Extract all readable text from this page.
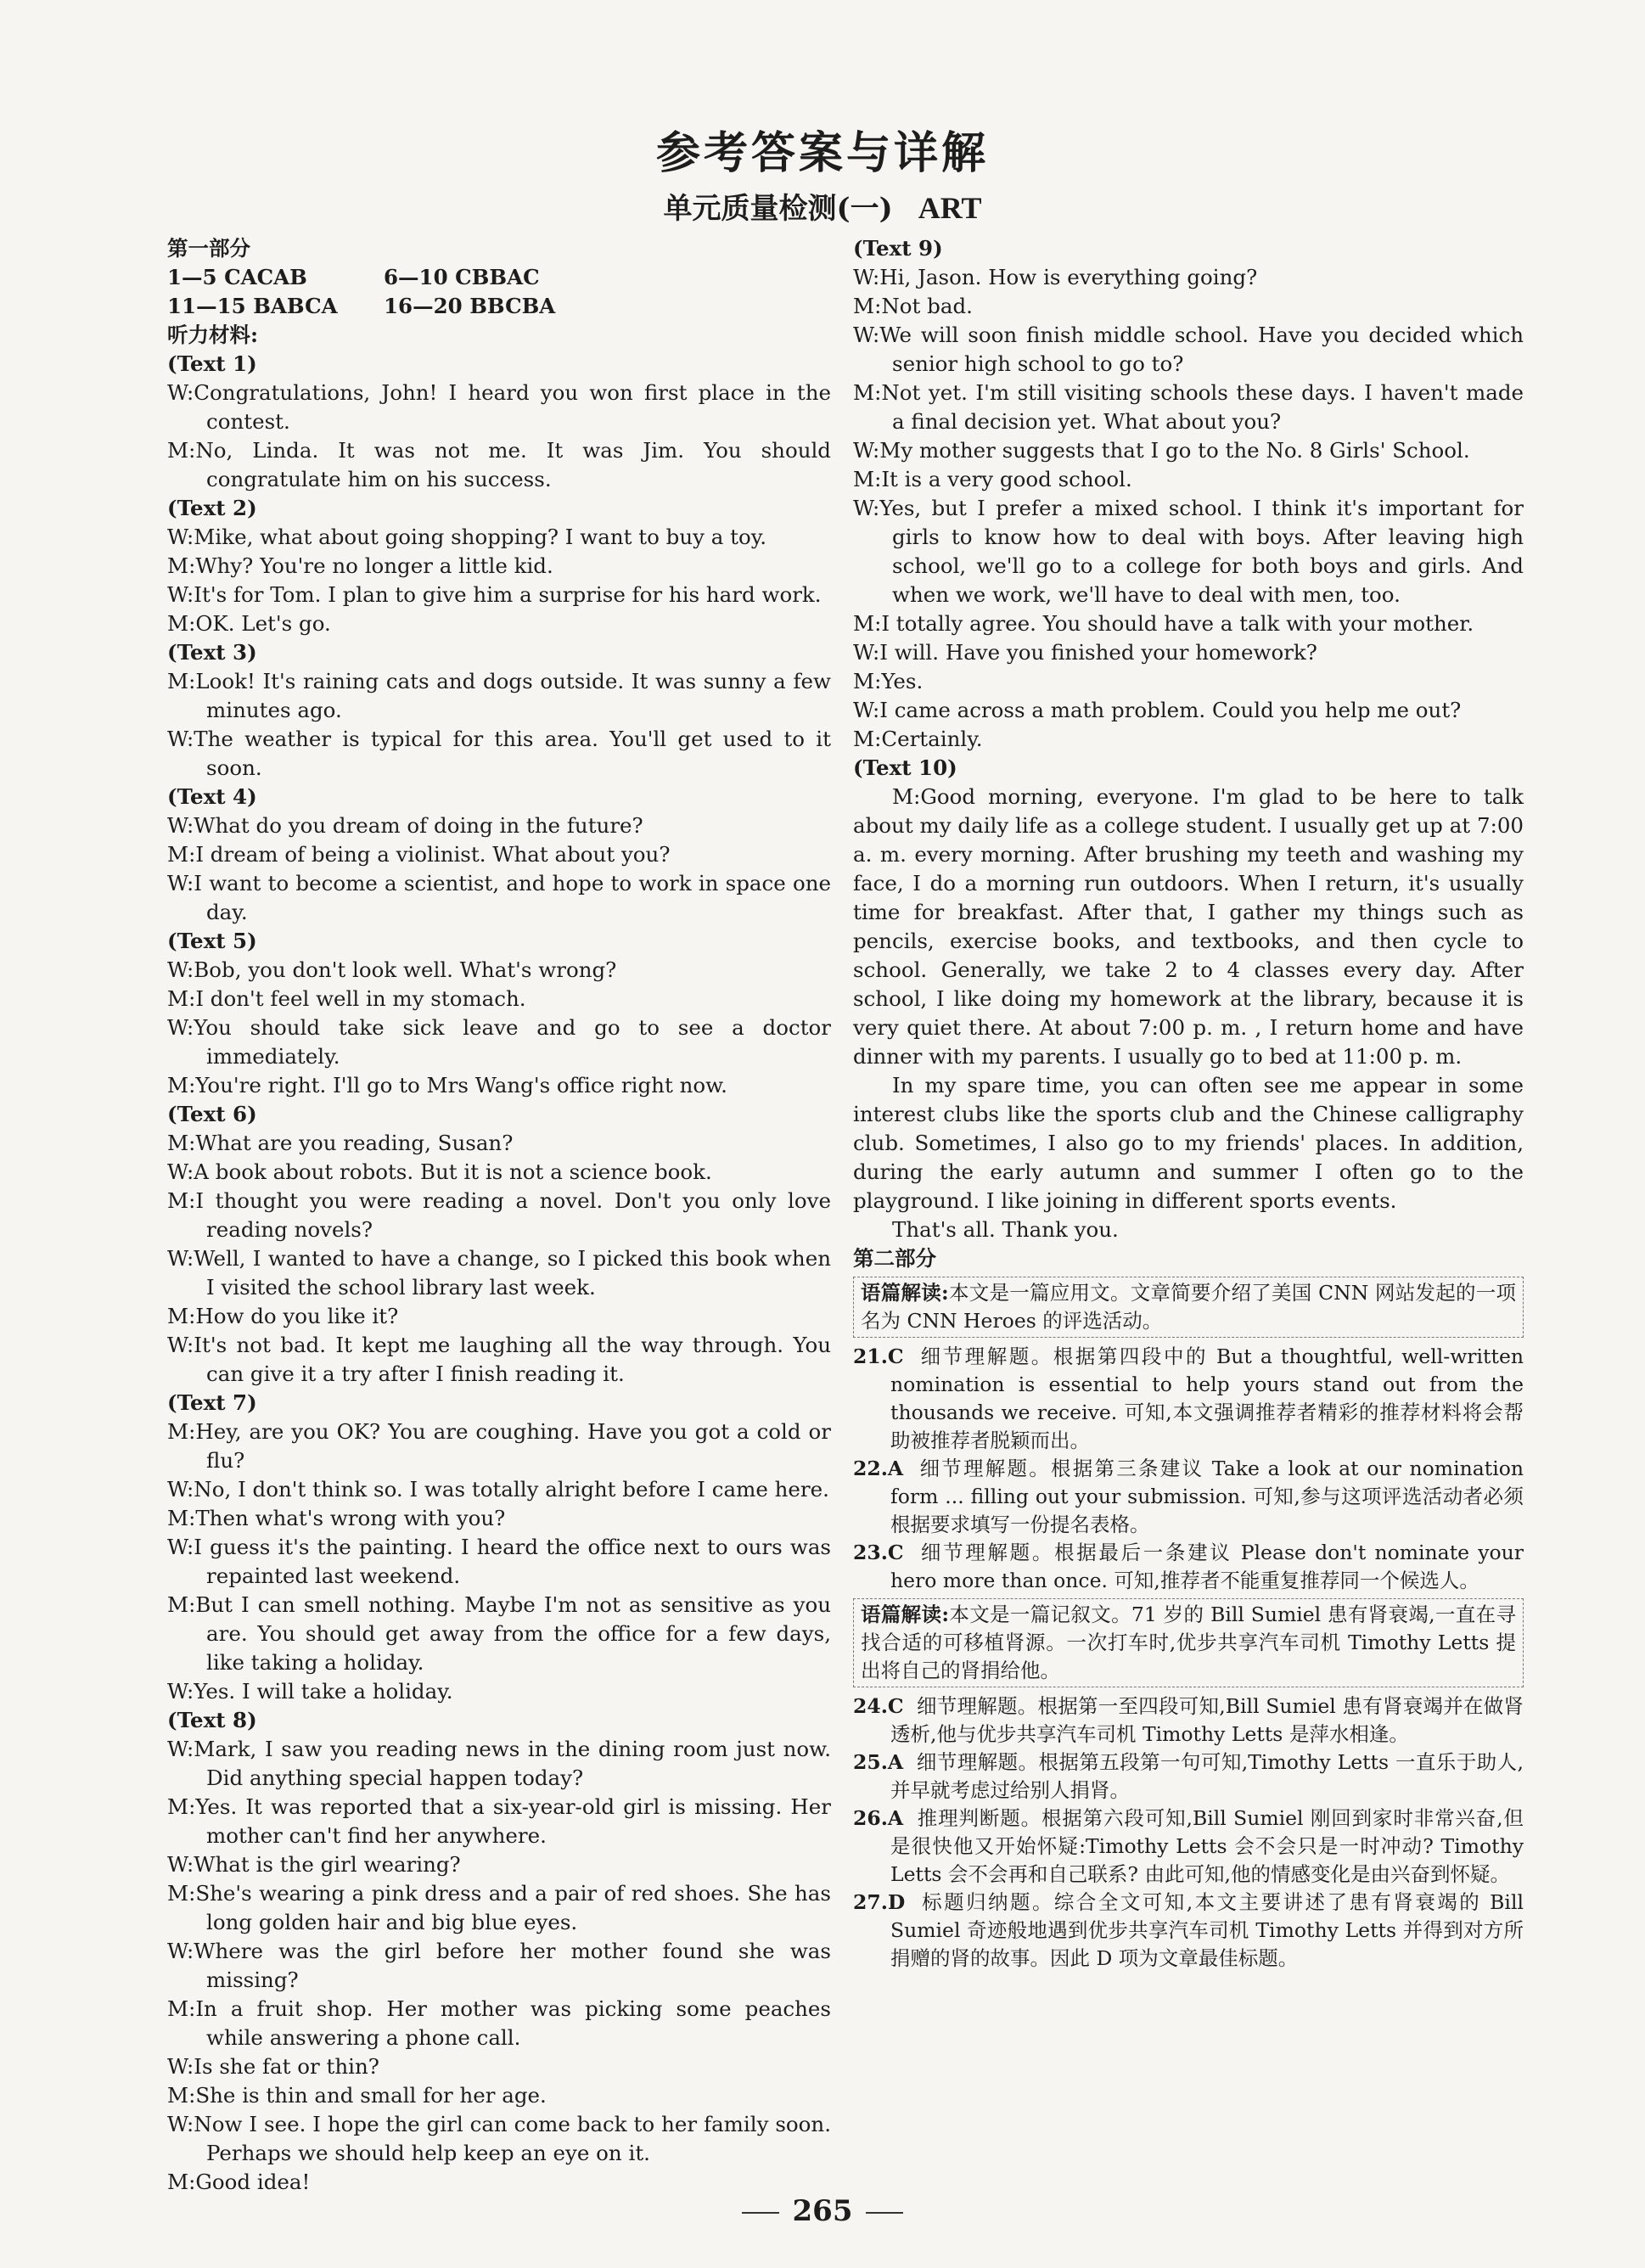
参考答案与详解
单元质量检测(一) ART
第一部分
1—5 CACAB	6—10 CBBAC
11—15 BABCA	16—20 BBCBA
听力材料:
(Text 1)
W:Congratulations, John! I heard you won first place in the contest.
M:No, Linda. It was not me. It was Jim. You should congratulate him on his success.
(Text 2)
W:Mike, what about going shopping? I want to buy a toy.
M:Why? You're no longer a little kid.
W:It's for Tom. I plan to give him a surprise for his hard work.
M:OK. Let's go.
(Text 3)
M:Look! It's raining cats and dogs outside. It was sunny a few minutes ago.
W:The weather is typical for this area. You'll get used to it soon.
(Text 4)
W:What do you dream of doing in the future?
M:I dream of being a violinist. What about you?
W:I want to become a scientist, and hope to work in space one day.
(Text 5)
W:Bob, you don't look well. What's wrong?
M:I don't feel well in my stomach.
W:You should take sick leave and go to see a doctor immediately.
M:You're right. I'll go to Mrs Wang's office right now.
(Text 6)
M:What are you reading, Susan?
W:A book about robots. But it is not a science book.
M:I thought you were reading a novel. Don't you only love reading novels?
W:Well, I wanted to have a change, so I picked this book when I visited the school library last week.
M:How do you like it?
W:It's not bad. It kept me laughing all the way through. You can give it a try after I finish reading it.
(Text 7)
M:Hey, are you OK? You are coughing. Have you got a cold or flu?
W:No, I don't think so. I was totally alright before I came here.
M:Then what's wrong with you?
W:I guess it's the painting. I heard the office next to ours was repainted last weekend.
M:But I can smell nothing. Maybe I'm not as sensitive as you are. You should get away from the office for a few days, like taking a holiday.
W:Yes. I will take a holiday.
(Text 8)
W:Mark, I saw you reading news in the dining room just now. Did anything special happen today?
M:Yes. It was reported that a six-year-old girl is missing. Her mother can't find her anywhere.
W:What is the girl wearing?
M:She's wearing a pink dress and a pair of red shoes. She has long golden hair and big blue eyes.
W:Where was the girl before her mother found she was missing?
M:In a fruit shop. Her mother was picking some peaches while answering a phone call.
W:Is she fat or thin?
M:She is thin and small for her age.
W:Now I see. I hope the girl can come back to her family soon. Perhaps we should help keep an eye on it.
M:Good idea!
(Text 9)
W:Hi, Jason. How is everything going?
M:Not bad.
W:We will soon finish middle school. Have you decided which senior high school to go to?
M:Not yet. I'm still visiting schools these days. I haven't made a final decision yet. What about you?
W:My mother suggests that I go to the No. 8 Girls' School.
M:It is a very good school.
W:Yes, but I prefer a mixed school. I think it's important for girls to know how to deal with boys. After leaving high school, we'll go to a college for both boys and girls. And when we work, we'll have to deal with men, too.
M:I totally agree. You should have a talk with your mother.
W:I will. Have you finished your homework?
M:Yes.
W:I came across a math problem. Could you help me out?
M:Certainly.
(Text 10)
M:Good morning, everyone. I'm glad to be here to talk about my daily life as a college student. I usually get up at 7:00 a. m. every morning. After brushing my teeth and washing my face, I do a morning run outdoors. When I return, it's usually time for breakfast. After that, I gather my things such as pencils, exercise books, and textbooks, and then cycle to school. Generally, we take 2 to 4 classes every day. After school, I like doing my homework at the library, because it is very quiet there. At about 7:00 p. m. , I return home and have dinner with my parents. I usually go to bed at 11:00 p. m.
In my spare time, you can often see me appear in some interest clubs like the sports club and the Chinese calligraphy club. Sometimes, I also go to my friends' places. In addition, during the early autumn and summer I often go to the playground. I like joining in different sports events.
That's all. Thank you.
第二部分
语篇解读:本文是一篇应用文。文章简要介绍了美国 CNN 网站发起的一项名为 CNN Heroes 的评选活动。
21.C 细节理解题。根据第四段中的 But a thoughtful, well-written nomination is essential to help yours stand out from the thousands we receive. 可知,本文强调推荐者精彩的推荐材料将会帮助被推荐者脱颖而出。
22.A 细节理解题。根据第三条建议 Take a look at our nomination form ... filling out your submission. 可知,参与这项评选活动者必须根据要求填写一份提名表格。
23.C 细节理解题。根据最后一条建议 Please don't nominate your hero more than once. 可知,推荐者不能重复推荐同一个候选人。
语篇解读:本文是一篇记叙文。71 岁的 Bill Sumiel 患有肾衰竭,一直在寻找合适的可移植肾源。一次打车时,优步共享汽车司机 Timothy Letts 提出将自己的肾捐给他。
24.C 细节理解题。根据第一至四段可知,Bill Sumiel 患有肾衰竭并在做肾透析,他与优步共享汽车司机 Timothy Letts 是萍水相逢。
25.A 细节理解题。根据第五段第一句可知,Timothy Letts 一直乐于助人,并早就考虑过给别人捐肾。
26.A 推理判断题。根据第六段可知,Bill Sumiel 刚回到家时非常兴奋,但是很快他又开始怀疑:Timothy Letts 会不会只是一时冲动? Timothy Letts 会不会再和自己联系? 由此可知,他的情感变化是由兴奋到怀疑。
27.D 标题归纳题。综合全文可知,本文主要讲述了患有肾衰竭的 Bill Sumiel 奇迹般地遇到优步共享汽车司机 Timothy Letts 并得到对方所捐赠的肾的故事。因此 D 项为文章最佳标题。
265
